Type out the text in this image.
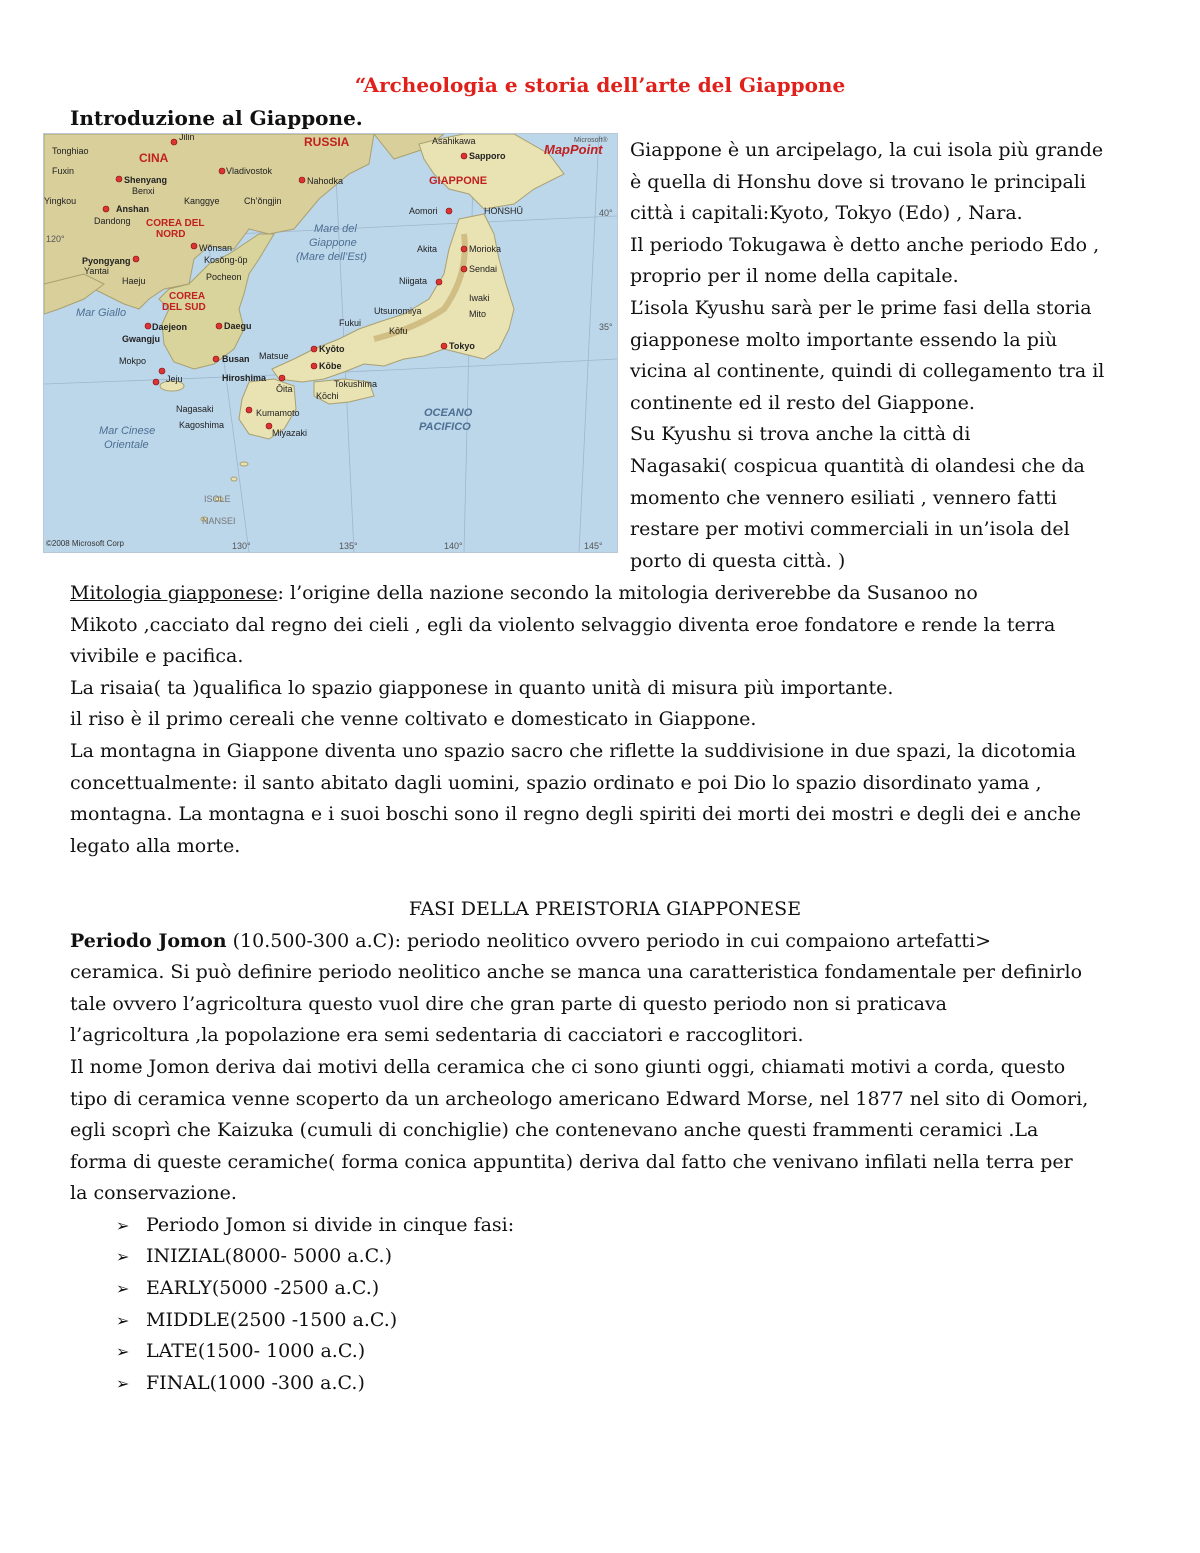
“Archeologia e storia dell’arte del Giappone
Introduzione al Giappone.
CINA
RUSSIA
GIAPPONE
COREA DEL
NORD
COREA
DEL SUD
Mare del
Giappone
(Mare dell’Est)
Mar Giallo
Mar Cinese
Orientale
OCEANO
PACIFICO
Jilin
Tonghiao
Fuxin
Shenyang
Benxi
Yingkou
Anshan
Dandong
Vladivostok
Nahodka
Kanggye	Ch’ŏngjin
Wŏnsan
Kosŏng-ŭp
Pyongyang
Haeju	Pocheon
Yantai
Daejeon	Daegu
Gwangju
Mokpo	Busan
Jeju
Asahikawa
Sapporo
Aomori	HONSHŪ
Akita	Morioka
Sendai
Niigata
Iwaki
Utsunomiya
Fukui
Kōfu
Kyōto	Tokyo
Mito
Kōbe
Matsue
Hiroshima
Ōita	Tokushima
Kōchi
Nagasaki	Kumamoto
Kagoshima
Miyazaki
ISOLE
NANSEI
130°	135°	140°	145°
120°
40°
35°
Microsoft®
MapPoint
©2008 Microsoft Corp

Giappone è un arcipelago, la cui isola più grande

è quella di Honshu dove si trovano le principali

città i capitali:Kyoto, Tokyo (Edo) , Nara.

Il periodo Tokugawa è detto anche periodo Edo ,

proprio per il nome della capitale.

L’isola Kyushu sarà per le prime fasi della storia

giapponese molto importante essendo la più

vicina al continente, quindi di collegamento tra il

continente ed il resto del Giappone.

Su Kyushu si trova anche la città di

Nagasaki( cospicua quantità di olandesi che da

momento che vennero esiliati , vennero fatti

restare per motivi commerciali in un’isola del

porto di questa città. )

Mitologia giapponese: l’origine della nazione secondo la mitologia deriverebbe da Susanoo no

Mikoto ,cacciato dal regno dei cieli , egli da violento selvaggio diventa eroe fondatore e rende la terra

vivibile e pacifica.

La risaia( ta )qualifica lo spazio giapponese in quanto unità di misura più importante.

il riso è il primo cereali che venne coltivato e domesticato in Giappone.

La montagna in Giappone diventa uno spazio sacro che riflette la suddivisione in due spazi, la dicotomia

concettualmente: il santo abitato dagli uomini, spazio ordinato e poi Dio lo spazio disordinato yama ,

montagna. La montagna e i suoi boschi sono il regno degli spiriti dei morti dei mostri e degli dei e anche

legato alla morte.

FASI DELLA PREISTORIA GIAPPONESE

Periodo Jomon (10.500-300 a.C): periodo neolitico ovvero periodo in cui compaiono artefatti>

ceramica. Si può definire periodo neolitico anche se manca una caratteristica fondamentale per definirlo

tale ovvero l’agricoltura questo vuol dire che gran parte di questo periodo non si praticava

l’agricoltura ,la popolazione era semi sedentaria di cacciatori e raccoglitori.

Il nome Jomon deriva dai motivi della ceramica che ci sono giunti oggi, chiamati motivi a corda, questo

tipo di ceramica venne scoperto da un archeologo americano Edward Morse, nel 1877 nel sito di Oomori,

egli scoprì che Kaizuka (cumuli di conchiglie) che contenevano anche questi frammenti ceramici .La

forma di queste ceramiche( forma conica appuntita) deriva dal fatto che venivano infilati nella terra per

la conservazione.

➢ Periodo Jomon si divide in cinque fasi:
➢ INIZIAL(8000- 5000 a.C.)
➢ EARLY(5000 -2500 a.C.)
➢ MIDDLE(2500 -1500 a.C.)
➢ LATE(1500- 1000 a.C.)
➢ FINAL(1000 -300 a.C.)
